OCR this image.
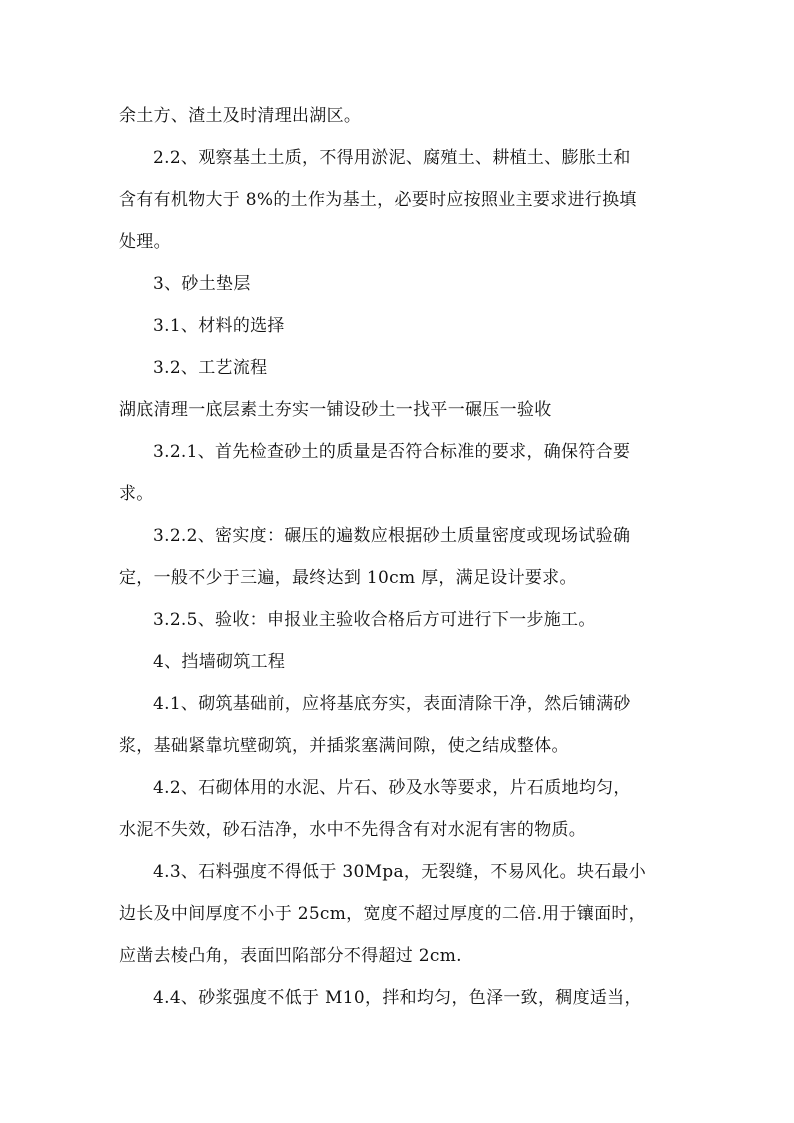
余土方、渣土及时清理出湖区。
2.2、观察基土土质，不得用淤泥、腐殖土、耕植土、膨胀土和
含有有机物大于 8%的土作为基土，必要时应按照业主要求进行换填
处理。
3、砂土垫层
3.1、材料的选择
3.2、工艺流程
湖底清理一底层素土夯实一铺设砂土一找平一碾压一验收
3.2.1、首先检查砂土的质量是否符合标准的要求，确保符合要
求。
3.2.2、密实度：碾压的遍数应根据砂土质量密度或现场试验确
定，一般不少于三遍，最终达到 10cm 厚，满足设计要求。
3.2.5、验收：申报业主验收合格后方可进行下一步施工。
4、挡墙砌筑工程
4.1、砌筑基础前，应将基底夯实，表面清除干净，然后铺满砂
浆，基础紧靠坑壁砌筑，并插浆塞满间隙，使之结成整体。
4.2、石砌体用的水泥、片石、砂及水等要求，片石质地均匀，
水泥不失效，砂石洁净，水中不先得含有对水泥有害的物质。
4.3、石料强度不得低于 30Mpa，无裂缝，不易风化。块石最小
边长及中间厚度不小于 25cm，宽度不超过厚度的二倍.用于镶面时，
应凿去棱凸角，表面凹陷部分不得超过 2cm.
4.4、砂浆强度不低于 M10，拌和均匀，色泽一致，稠度适当，
